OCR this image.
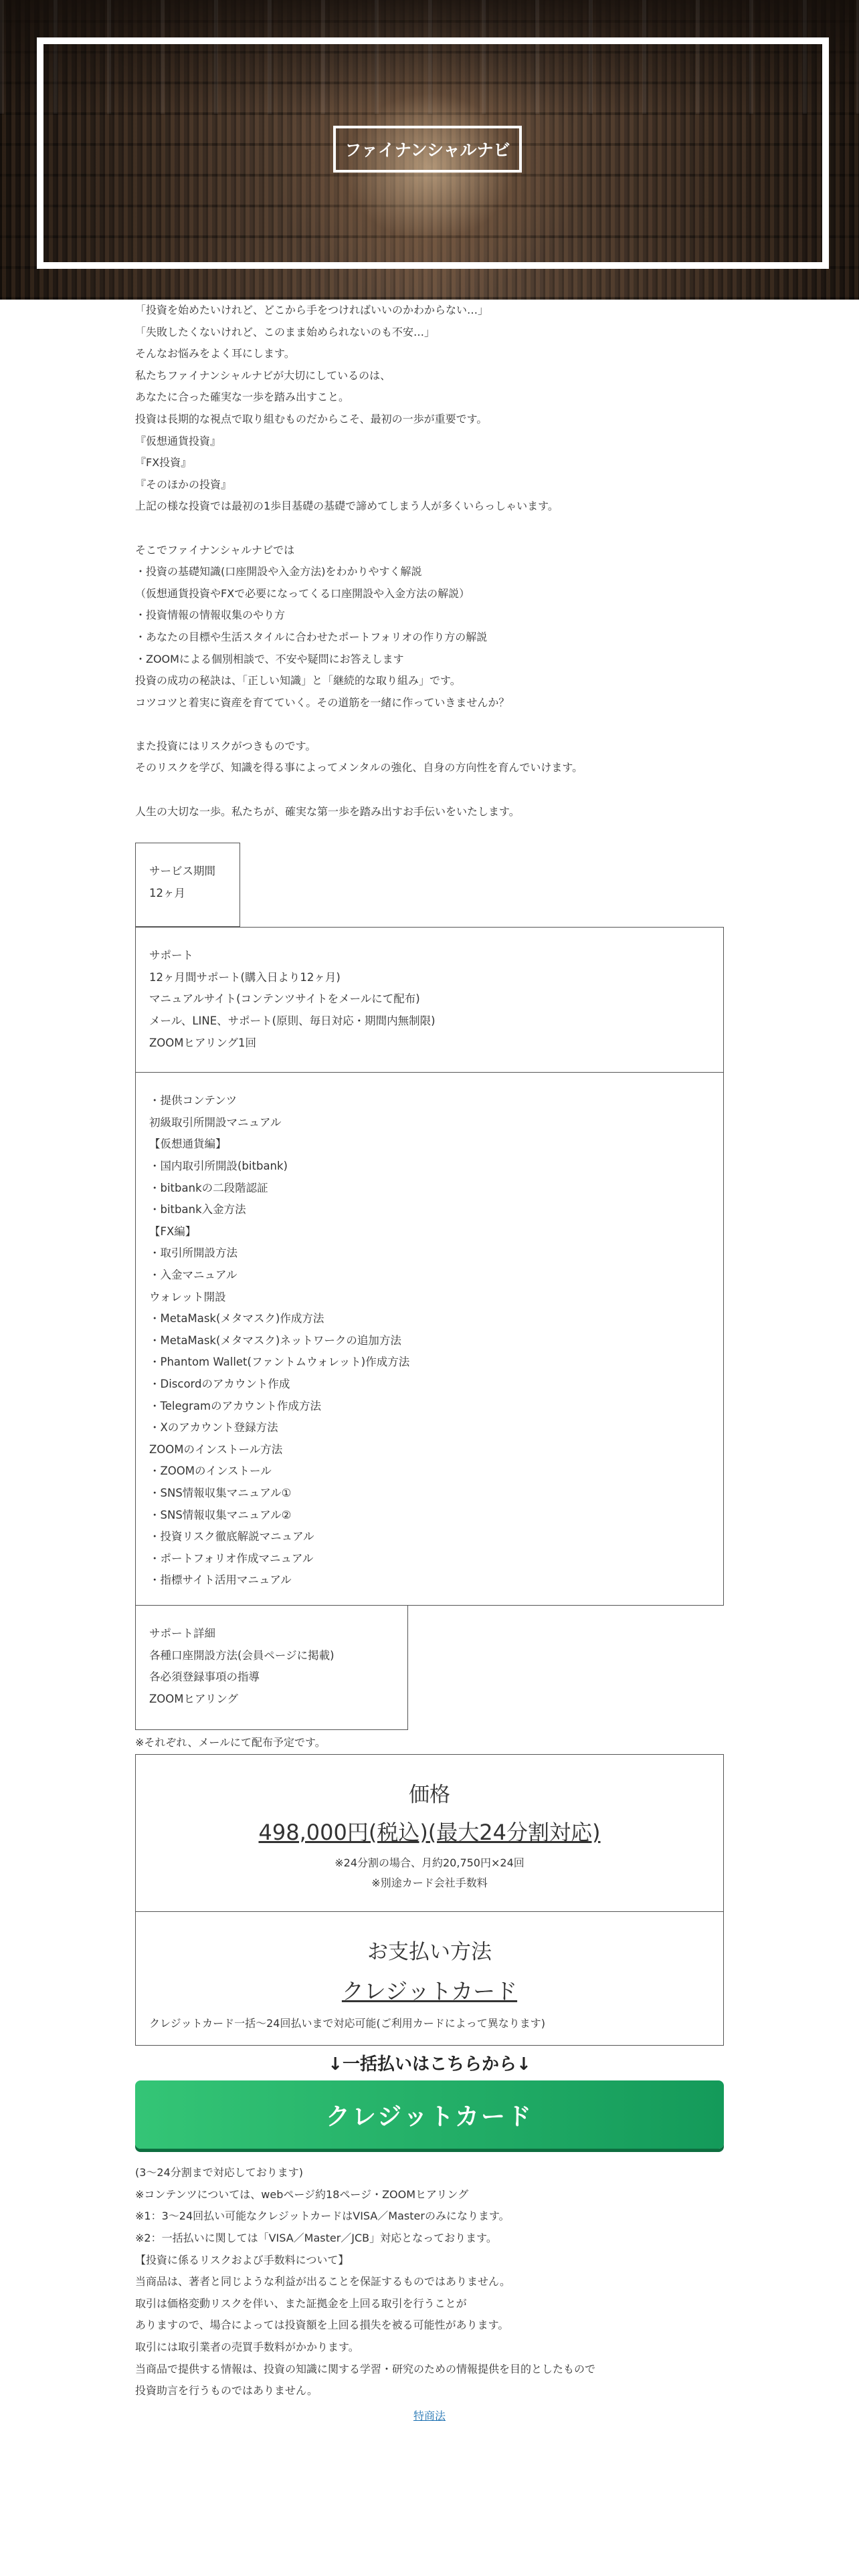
ファイナンシャルナビ

「投資を始めたいけれど、どこから手をつければいいのかわからない…」

「失敗したくないけれど、このまま始められないのも不安…」

そんなお悩みをよく耳にします。

私たちファイナンシャルナビが大切にしているのは、

あなたに合った確実な一歩を踏み出すこと。

投資は長期的な視点で取り組むものだからこそ、最初の一歩が重要です。

『仮想通貨投資』

『FX投資』

『そのほかの投資』

上記の様な投資では最初の1歩目基礎の基礎で諦めてしまう人が多くいらっしゃいます。

そこでファイナンシャルナビでは

・投資の基礎知識(口座開設や入金方法)をわかりやすく解説

（仮想通貨投資やFXで必要になってくる口座開設や入金方法の解説）

・投資情報の情報収集のやり方

・あなたの目標や生活スタイルに合わせたポートフォリオの作り方の解説

・ZOOMによる個別相談で、不安や疑問にお答えします

投資の成功の秘訣は、「正しい知識」と「継続的な取り組み」です。

コツコツと着実に資産を育てていく。その道筋を一緒に作っていきませんか？

また投資にはリスクがつきものです。

そのリスクを学び、知識を得る事によってメンタルの強化、自身の方向性を育んでいけます。

人生の大切な一歩。私たちが、確実な第一歩を踏み出すお手伝いをいたします。

サービス期間
12ヶ月
サポート
12ヶ月間サポート(購入日より12ヶ月)
マニュアルサイト(コンテンツサイトをメールにて配布)
メール、LINE、サポート(原則、毎日対応・期間内無制限)
ZOOMヒアリング1回
・提供コンテンツ
初級取引所開設マニュアル
【仮想通貨編】
・国内取引所開設(bitbank)
・bitbankの二段階認証
・bitbank入金方法
【FX編】
・取引所開設方法
・入金マニュアル
ウォレット開設
・MetaMask(メタマスク)作成方法
・MetaMask(メタマスク)ネットワークの追加方法
・Phantom Wallet(ファントムウォレット)作成方法
・Discordのアカウント作成
・Telegramのアカウント作成方法
・Xのアカウント登録方法
ZOOMのインストール方法
・ZOOMのインストール
・SNS情報収集マニュアル①
・SNS情報収集マニュアル②
・投資リスク徹底解説マニュアル
・ポートフォリオ作成マニュアル
・指標サイト活用マニュアル
サポート詳細
各種口座開設方法(会員ページに掲載)
各必須登録事項の指導
ZOOMヒアリング

※それぞれ、メールにて配布予定です。

価格
498,000円(税込)(最大24分割対応)
※24分割の場合、月約20,750円×24回
※別途カード会社手数料
お支払い方法
クレジットカード
クレジットカード一括〜24回払いまで対応可能(ご利用カードによって異なります)
↓一括払いはこちらから↓
クレジットカード

(3〜24分割まで対応しております)

※コンテンツについては、webページ約18ページ・ZOOMヒアリング

※1：3〜24回払い可能なクレジットカードはVISA／Masterのみになります。

※2：一括払いに関しては「VISA／Master／JCB」対応となっております。

【投資に係るリスクおよび手数料について】

当商品は、著者と同じような利益が出ることを保証するものではありません。

取引は価格変動リスクを伴い、また証拠金を上回る取引を行うことが

ありますので、場合によっては投資額を上回る損失を被る可能性があります。

取引には取引業者の売買手数料がかかります。

当商品で提供する情報は、投資の知識に関する学習・研究のための情報提供を目的としたもので

投資助言を行うものではありません。

特商法
